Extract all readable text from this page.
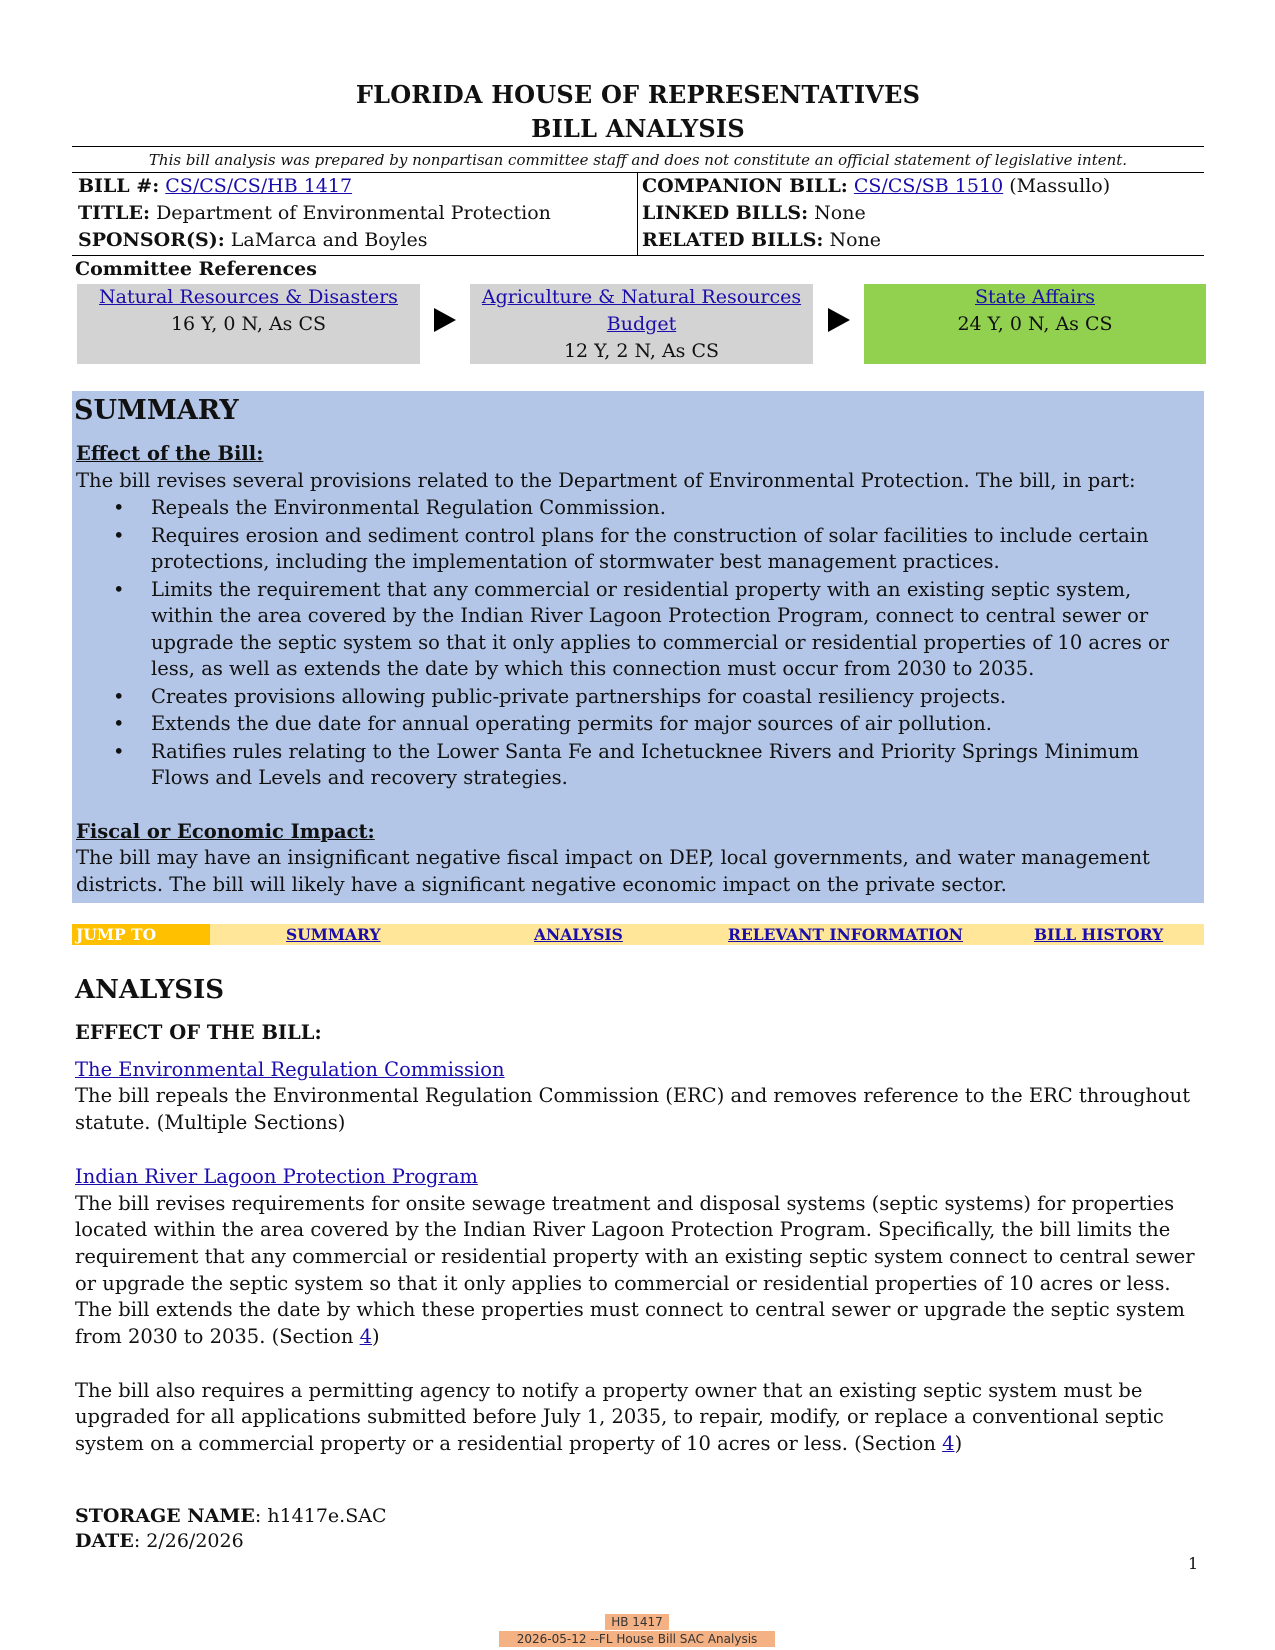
FLORIDA HOUSE OF REPRESENTATIVES
BILL ANALYSIS
This bill analysis was prepared by nonpartisan committee staff and does not constitute an official statement of legislative intent.
BILL #: CS/CS/CS/HB 1417
TITLE: Department of Environmental Protection
SPONSOR(S): LaMarca and Boyles
COMPANION BILL: CS/CS/SB 1510 (Massullo)
LINKED BILLS: None
RELATED BILLS: None
Committee References
Natural Resources & Disasters
16 Y, 0 N, As CS
Agriculture & Natural Resources
Budget
12 Y, 2 N, As CS
State Affairs
24 Y, 0 N, As CS
SUMMARY
Effect of the Bill:
The bill revises several provisions related to the Department of Environmental Protection. The bill, in part:
• Repeals the Environmental Regulation Commission.
• Requires erosion and sediment control plans for the construction of solar facilities to include certain protections, including the implementation of stormwater best management practices.
• Limits the requirement that any commercial or residential property with an existing septic system, within the area covered by the Indian River Lagoon Protection Program, connect to central sewer or upgrade the septic system so that it only applies to commercial or residential properties of 10 acres or less, as well as extends the date by which this connection must occur from 2030 to 2035.
• Creates provisions allowing public-private partnerships for coastal resiliency projects.
• Extends the due date for annual operating permits for major sources of air pollution.
• Ratifies rules relating to the Lower Santa Fe and Ichetucknee Rivers and Priority Springs Minimum Flows and Levels and recovery strategies.
Fiscal or Economic Impact:
The bill may have an insignificant negative fiscal impact on DEP, local governments, and water management districts. The bill will likely have a significant negative economic impact on the private sector.
JUMP TO	SUMMARY	ANALYSIS	RELEVANT INFORMATION	BILL HISTORY
ANALYSIS
EFFECT OF THE BILL:
The Environmental Regulation Commission

The bill repeals the Environmental Regulation Commission (ERC) and removes reference to the ERC throughout statute. (Multiple Sections)

Indian River Lagoon Protection Program

The bill revises requirements for onsite sewage treatment and disposal systems (septic systems) for properties located within the area covered by the Indian River Lagoon Protection Program. Specifically, the bill limits the requirement that any commercial or residential property with an existing septic system connect to central sewer or upgrade the septic system so that it only applies to commercial or residential properties of 10 acres or less. The bill extends the date by which these properties must connect to central sewer or upgrade the septic system from 2030 to 2035. (Section 4)

The bill also requires a permitting agency to notify a property owner that an existing septic system must be upgraded for all applications submitted before July 1, 2035, to repair, modify, or replace a conventional septic system on a commercial property or a residential property of 10 acres or less. (Section 4)

STORAGE NAME: h1417e.SAC
DATE: 2/26/2026
1
HB 1417
2026-05-12 --FL House Bill SAC Analysis
